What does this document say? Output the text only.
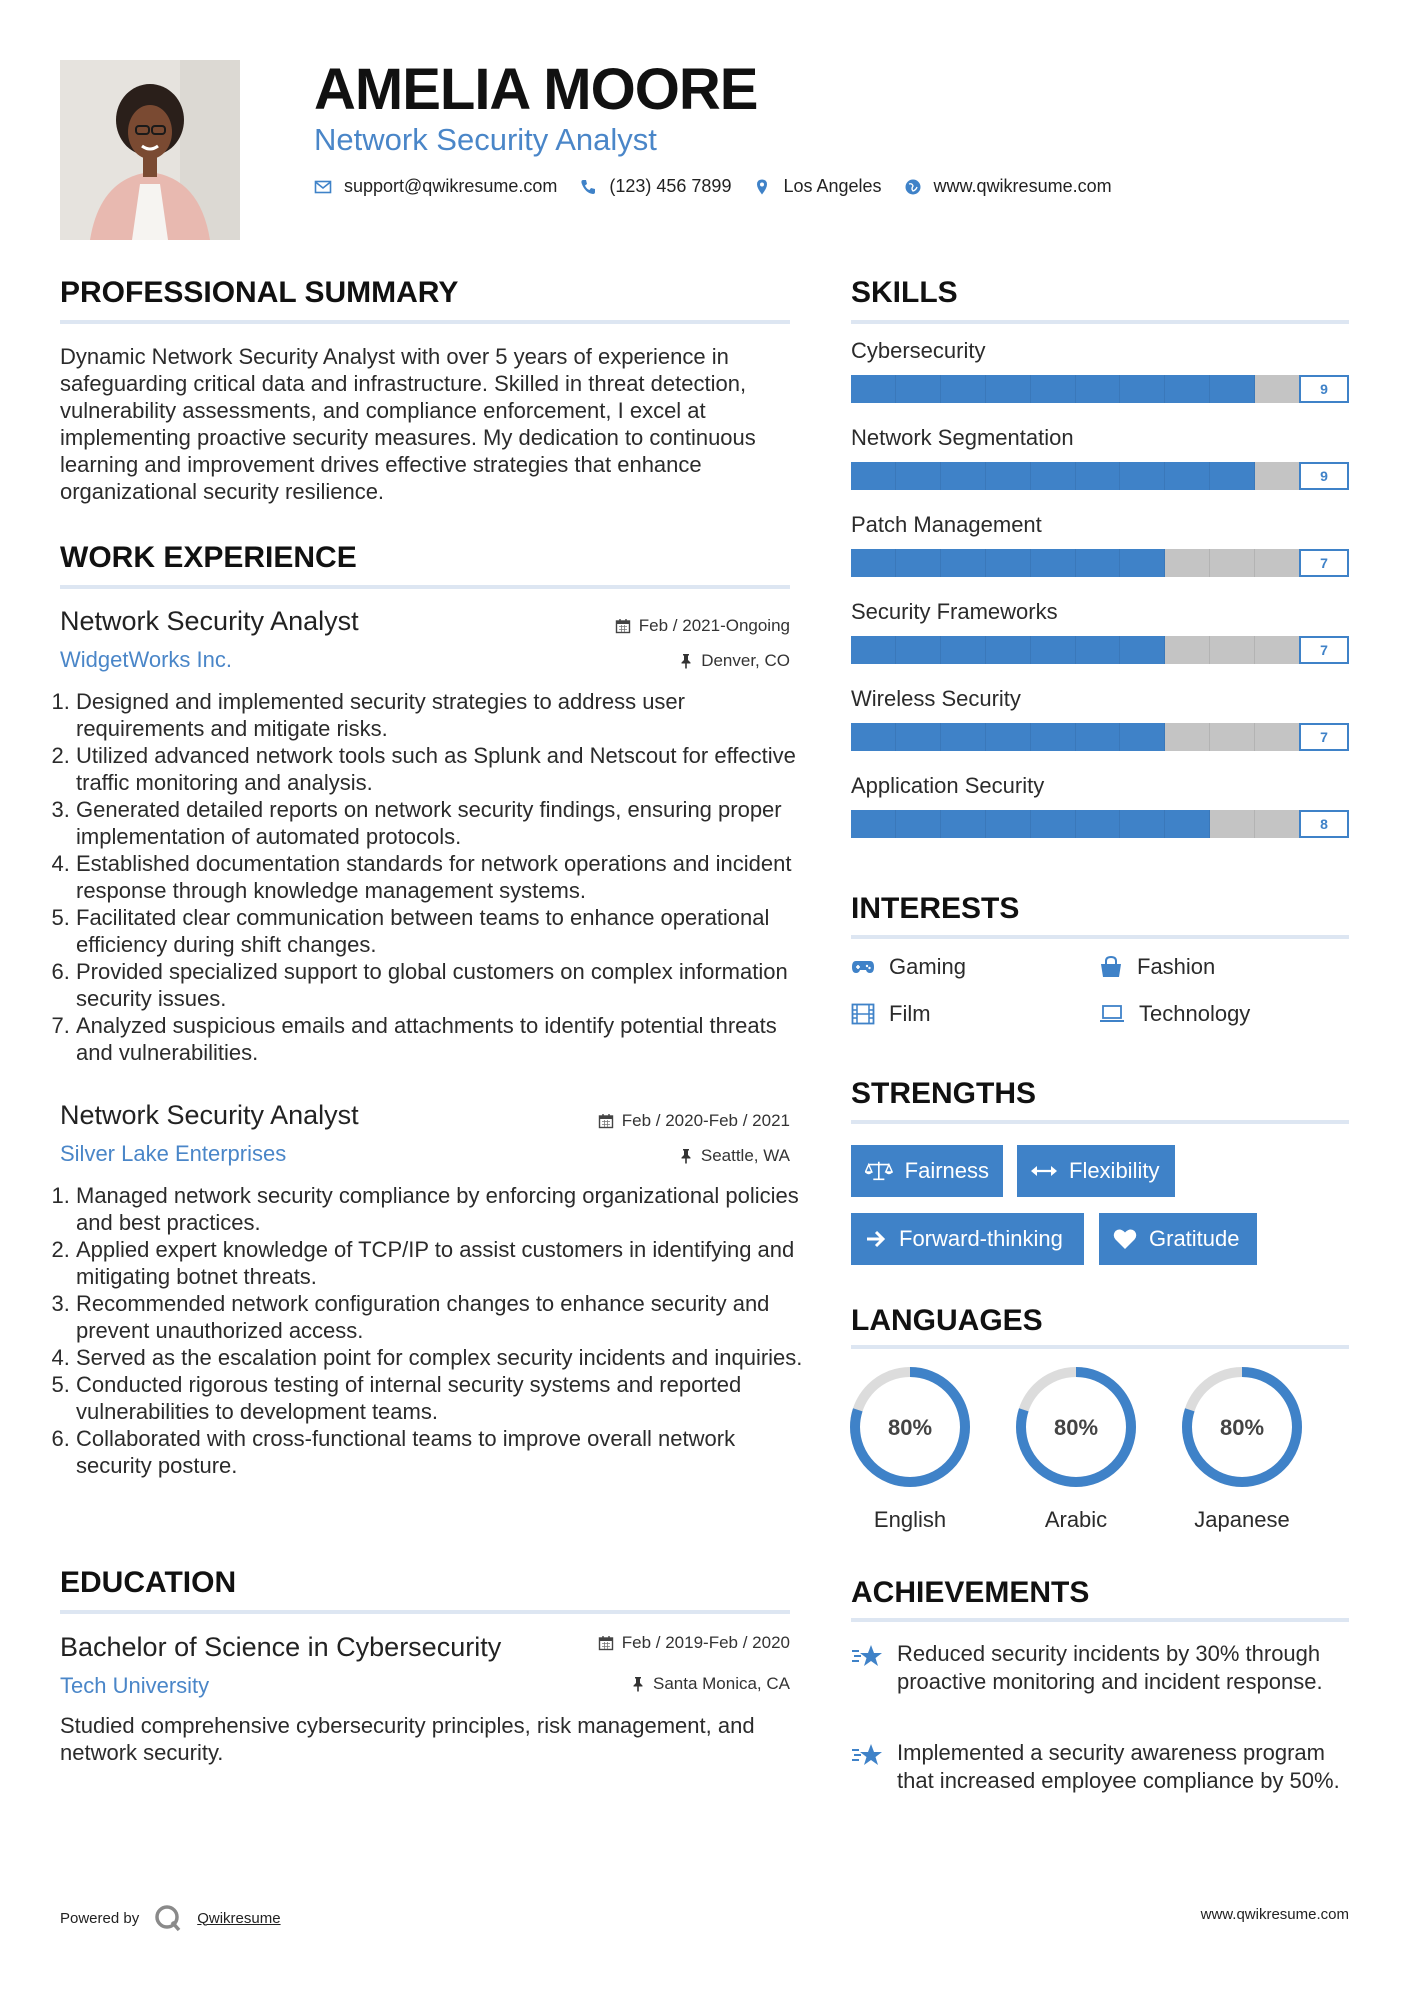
AMELIA MOORE
Network Security Analyst
support@qwikresume.com	(123) 456 7899	Los Angeles	www.qwikresume.com
PROFESSIONAL SUMMARY
Dynamic Network Security Analyst with over 5 years of experience in safeguarding critical data and infrastructure. Skilled in threat detection, vulnerability assessments, and compliance enforcement, I excel at implementing proactive security measures. My dedication to continuous learning and improvement drives effective strategies that enhance organizational security resilience.
WORK EXPERIENCE
Network Security Analyst	Feb / 2021-Ongoing
WidgetWorks Inc.	Denver, CO
1. Designed and implemented security strategies to address user requirements and mitigate risks.
2. Utilized advanced network tools such as Splunk and Netscout for effective traffic monitoring and analysis.
3. Generated detailed reports on network security findings, ensuring proper implementation of automated protocols.
4. Established documentation standards for network operations and incident response through knowledge management systems.
5. Facilitated clear communication between teams to enhance operational efficiency during shift changes.
6. Provided specialized support to global customers on complex information security issues.
7. Analyzed suspicious emails and attachments to identify potential threats and vulnerabilities.
Network Security Analyst	Feb / 2020-Feb / 2021
Silver Lake Enterprises	Seattle, WA
1. Managed network security compliance by enforcing organizational policies and best practices.
2. Applied expert knowledge of TCP/IP to assist customers in identifying and mitigating botnet threats.
3. Recommended network configuration changes to enhance security and prevent unauthorized access.
4. Served as the escalation point for complex security incidents and inquiries.
5. Conducted rigorous testing of internal security systems and reported vulnerabilities to development teams.
6. Collaborated with cross-functional teams to improve overall network security posture.
EDUCATION
Bachelor of Science in Cybersecurity	Feb / 2019-Feb / 2020
Tech University	Santa Monica, CA
Studied comprehensive cybersecurity principles, risk management, and network security.
SKILLS
Cybersecurity
9
Network Segmentation
9
Patch Management
7
Security Frameworks
7
Wireless Security
7
Application Security
8
INTERESTS
Gaming	Fashion
Film	Technology
STRENGTHS
Fairness	Flexibility
Forward-thinking	Gratitude
LANGUAGES
80%
English
80%
Arabic
80%
Japanese
ACHIEVEMENTS
Reduced security incidents by 30% through proactive monitoring and incident response.
Implemented a security awareness program that increased employee compliance by 50%.
Powered by	Qwikresume	www.qwikresume.com
